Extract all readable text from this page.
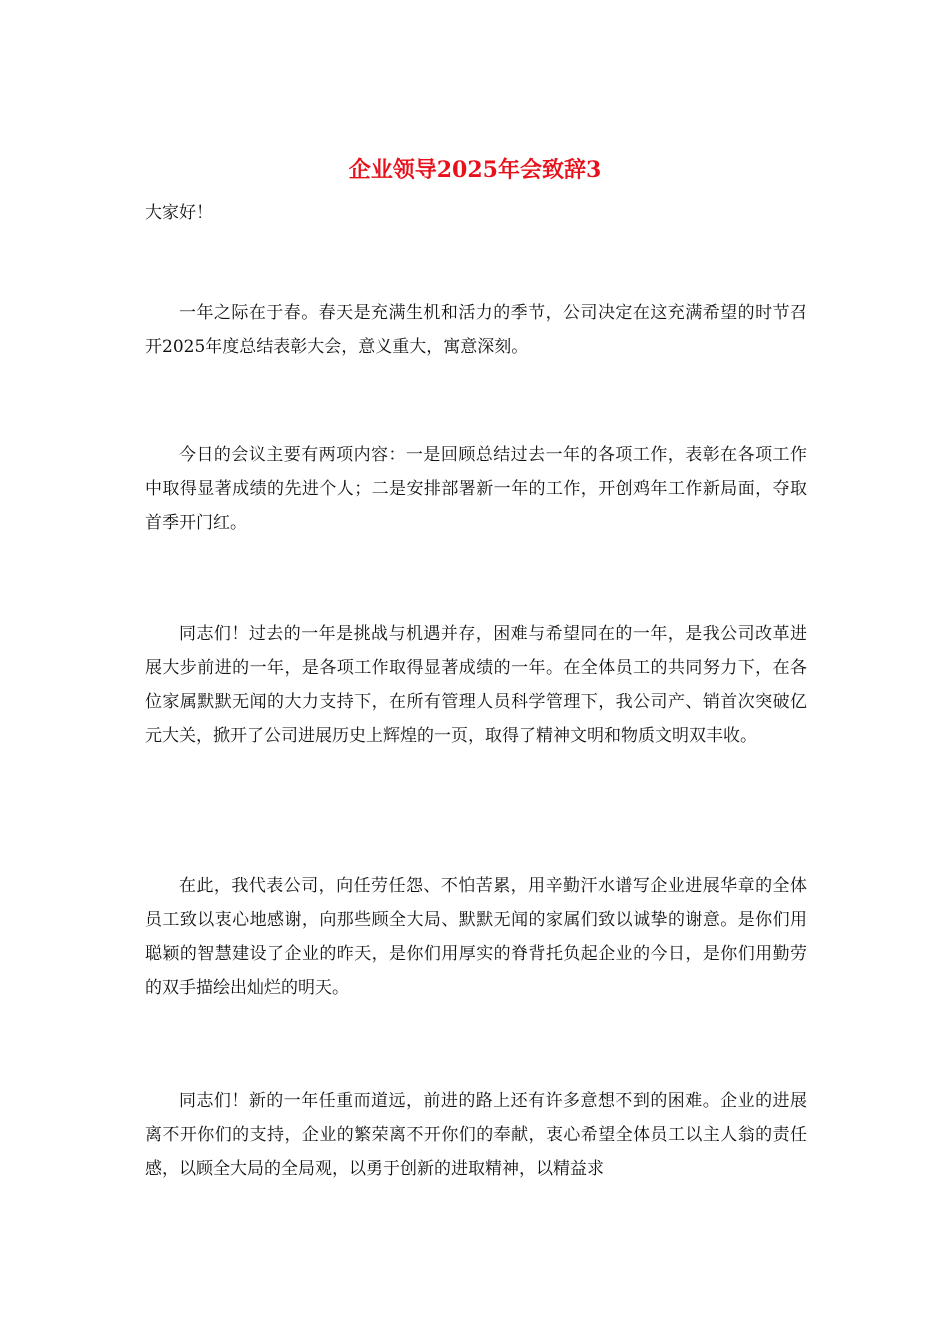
企业领导2025年会致辞3
大家好！

一年之际在于春。春天是充满生机和活力的季节，公司决定在这充满希望的时节召开2025年度总结表彰大会，意义重大，寓意深刻。

今日的会议主要有两项内容：一是回顾总结过去一年的各项工作，表彰在各项工作中取得显著成绩的先进个人；二是安排部署新一年的工作，开创鸡年工作新局面，夺取首季开门红。

同志们！过去的一年是挑战与机遇并存，困难与希望同在的一年，是我公司改革进展大步前进的一年，是各项工作取得显著成绩的一年。在全体员工的共同努力下，在各位家属默默无闻的大力支持下，在所有管理人员科学管理下，我公司产、销首次突破亿元大关，掀开了公司进展历史上辉煌的一页，取得了精神文明和物质文明双丰收。

在此，我代表公司，向任劳任怨、不怕苦累，用辛勤汗水谱写企业进展华章的全体员工致以衷心地感谢，向那些顾全大局、默默无闻的家属们致以诚挚的谢意。是你们用聪颖的智慧建设了企业的昨天，是你们用厚实的脊背托负起企业的今日，是你们用勤劳的双手描绘出灿烂的明天。

同志们！新的一年任重而道远，前进的路上还有许多意想不到的困难。企业的进展离不开你们的支持，企业的繁荣离不开你们的奉献，衷心希望全体员工以主人翁的责任感，以顾全大局的全局观，以勇于创新的进取精神，以精益求
